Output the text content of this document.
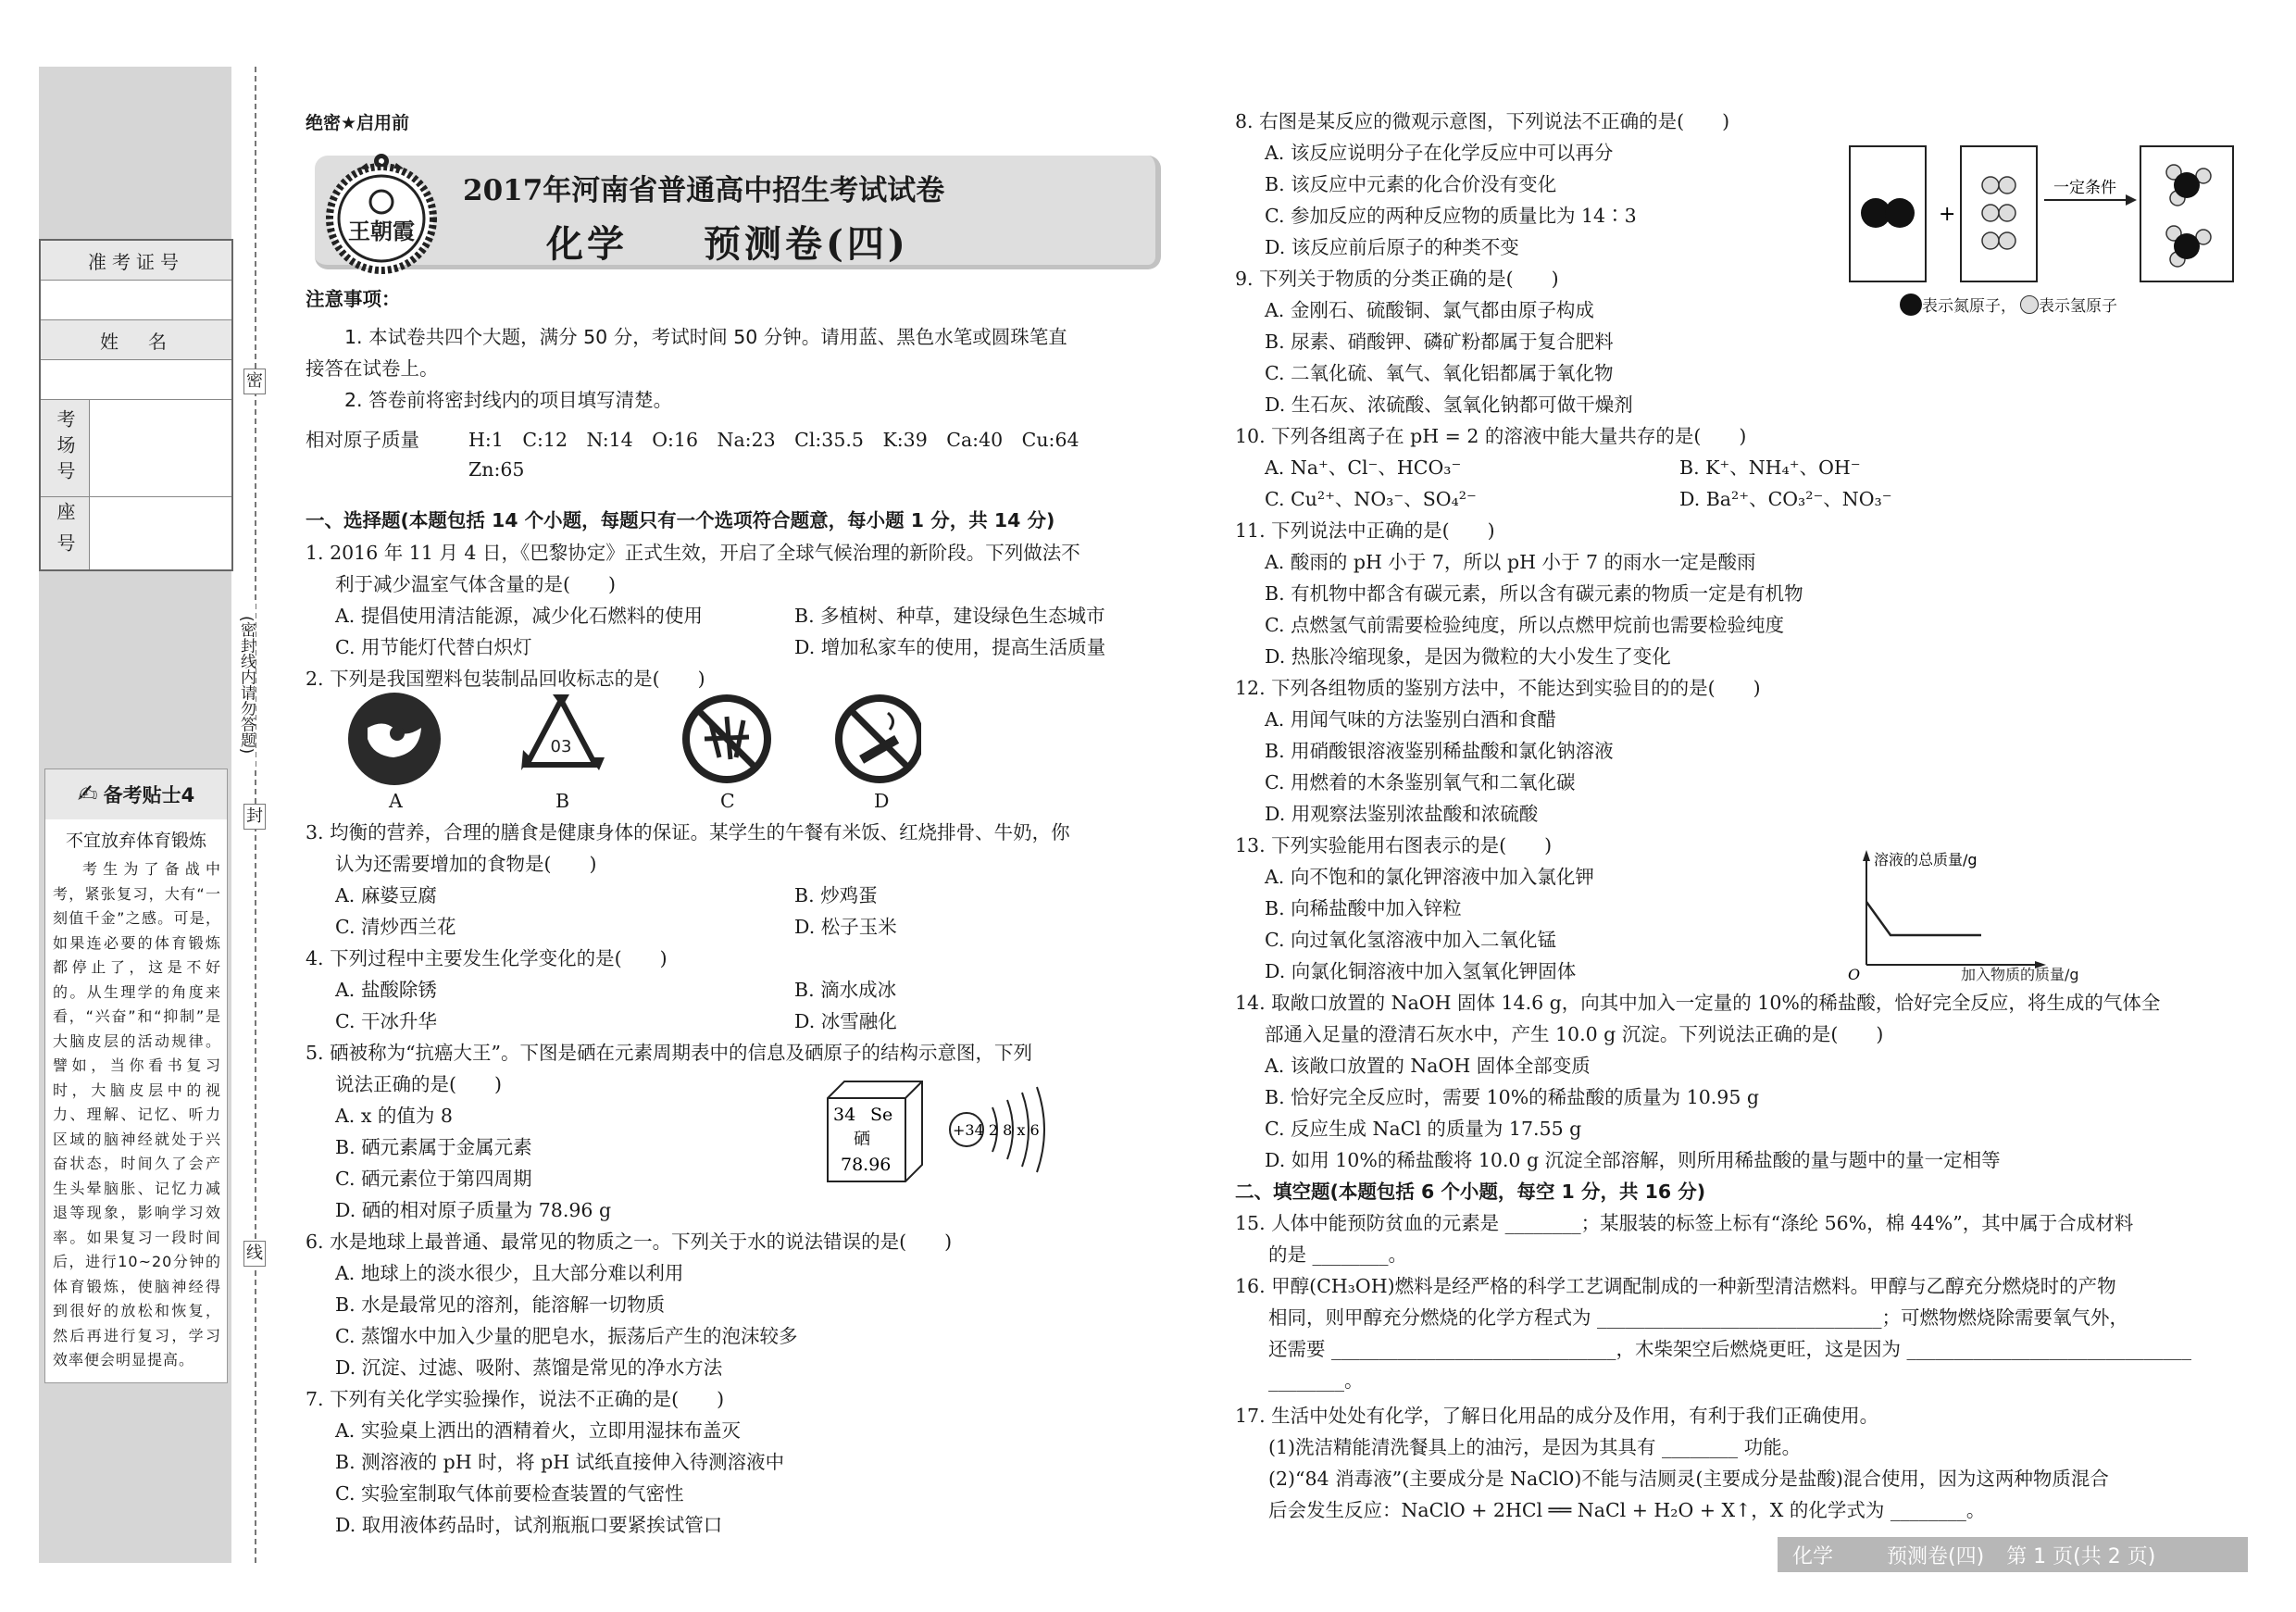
准考证号
姓　名
考场号
座号
密
(密封线内请勿答题)
封
线
✍ 备考贴士4
不宜放弃体育锻炼
考生为了备战中考，紧张复习，大有“一刻值千金”之感。可是，如果连必要的体育锻炼都停止了，这是不好的。从生理学的角度来看，“兴奋”和“抑制”是大脑皮层的活动规律。譬如，当你看书复习时，大脑皮层中的视力、理解、记忆、听力区域的脑神经就处于兴奋状态，时间久了会产生头晕脑胀、记忆力减退等现象，影响学习效率。如果复习一段时间后，进行10~20分钟的体育锻炼，使脑神经得到很好的放松和恢复，然后再进行复习，学习效率便会明显提高。
绝密★启用前
王朝霞
2017年河南省普通高中招生考试试卷
化学 预测卷(四)
注意事项：
1. 本试卷共四个大题，满分 50 分，考试时间 50 分钟。请用蓝、黑色水笔或圆珠笔直
接答在试卷上。
2. 答卷前将密封线内的项目填写清楚。
相对原子质量	H:1　C:12　N:14　O:16　Na:23　Cl:35.5　K:39　Ca:40　Cu:64
Zn:65
一、选择题(本题包括 14 个小题，每题只有一个选项符合题意，每小题 1 分，共 14 分)
1. 2016 年 11 月 4 日，《巴黎协定》正式生效，开启了全球气候治理的新阶段。下列做法不
利于减少温室气体含量的是(　　)
A. 提倡使用清洁能源，减少化石燃料的使用	B. 多植树、种草，建设绿色生态城市
C. 用节能灯代替白炽灯	D. 增加私家车的使用，提高生活质量
2. 下列是我国塑料包装制品回收标志的是(　　)
03
A	B	C	D
3. 均衡的营养，合理的膳食是健康身体的保证。某学生的午餐有米饭、红烧排骨、牛奶，你
认为还需要增加的食物是(　　)
A. 麻婆豆腐	B. 炒鸡蛋
C. 清炒西兰花	D. 松子玉米
4. 下列过程中主要发生化学变化的是(　　)
A. 盐酸除锈	B. 滴水成冰
C. 干冰升华	D. 冰雪融化
5. 硒被称为“抗癌大王”。下图是硒在元素周期表中的信息及硒原子的结构示意图，下列
说法正确的是(　　)
A. x 的值为 8
B. 硒元素属于金属元素
C. 硒元素位于第四周期
D. 硒的相对原子质量为 78.96 g
34 Se
硒
78.96
+34 2 8 x 6
6. 水是地球上最普通、最常见的物质之一。下列关于水的说法错误的是(　　)
A. 地球上的淡水很少，且大部分难以利用
B. 水是最常见的溶剂，能溶解一切物质
C. 蒸馏水中加入少量的肥皂水，振荡后产生的泡沫较多
D. 沉淀、过滤、吸附、蒸馏是常见的净水方法
7. 下列有关化学实验操作，说法不正确的是(　　)
A. 实验桌上洒出的酒精着火，立即用湿抹布盖灭
B. 测溶液的 pH 时，将 pH 试纸直接伸入待测溶液中
C. 实验室制取气体前要检查装置的气密性
D. 取用液体药品时，试剂瓶瓶口要紧挨试管口
8. 右图是某反应的微观示意图，下列说法不正确的是(　　)
A. 该反应说明分子在化学反应中可以再分
B. 该反应中元素的化合价没有变化
C. 参加反应的两种反应物的质量比为 14∶3
D. 该反应前后原子的种类不变
+
一定条件
表示氮原子， 表示氢原子
9. 下列关于物质的分类正确的是(　　)
A. 金刚石、硫酸铜、氯气都由原子构成
B. 尿素、硝酸钾、磷矿粉都属于复合肥料
C. 二氧化硫、氧气、氧化铝都属于氧化物
D. 生石灰、浓硫酸、氢氧化钠都可做干燥剂
10. 下列各组离子在 pH = 2 的溶液中能大量共存的是(　　)
A. Na⁺、Cl⁻、HCO₃⁻	B. K⁺、NH₄⁺、OH⁻
C. Cu²⁺、NO₃⁻、SO₄²⁻	D. Ba²⁺、CO₃²⁻、NO₃⁻
11. 下列说法中正确的是(　　)
A. 酸雨的 pH 小于 7，所以 pH 小于 7 的雨水一定是酸雨
B. 有机物中都含有碳元素，所以含有碳元素的物质一定是有机物
C. 点燃氢气前需要检验纯度，所以点燃甲烷前也需要检验纯度
D. 热胀冷缩现象，是因为微粒的大小发生了变化
12. 下列各组物质的鉴别方法中，不能达到实验目的的是(　　)
A. 用闻气味的方法鉴别白酒和食醋
B. 用硝酸银溶液鉴别稀盐酸和氯化钠溶液
C. 用燃着的木条鉴别氧气和二氧化碳
D. 用观察法鉴别浓盐酸和浓硫酸
13. 下列实验能用右图表示的是(　　)
A. 向不饱和的氯化钾溶液中加入氯化钾
B. 向稀盐酸中加入锌粒
C. 向过氧化氢溶液中加入二氧化锰
D. 向氯化铜溶液中加入氢氧化钾固体
溶液的总质量/g
O	加入物质的质量/g
14. 取敞口放置的 NaOH 固体 14.6 g，向其中加入一定量的 10%的稀盐酸，恰好完全反应，将生成的气体全
部通入足量的澄清石灰水中，产生 10.0 g 沉淀。下列说法正确的是(　　)
A. 该敞口放置的 NaOH 固体全部变质
B. 恰好完全反应时，需要 10%的稀盐酸的质量为 10.95 g
C. 反应生成 NaCl 的质量为 17.55 g
D. 如用 10%的稀盐酸将 10.0 g 沉淀全部溶解，则所用稀盐酸的量与题中的量一定相等
二、填空题(本题包括 6 个小题，每空 1 分，共 16 分)
15. 人体中能预防贫血的元素是 ________；某服装的标签上标有“涤纶 56%，棉 44%”，其中属于合成材料
的是 ________。
16. 甲醇(CH₃OH)燃料是经严格的科学工艺调配制成的一种新型清洁燃料。甲醇与乙醇充分燃烧时的产物
相同，则甲醇充分燃烧的化学方程式为 ______________________________；可燃物燃烧除需要氧气外，
还需要 ______________________________，木柴架空后燃烧更旺，这是因为 ______________________________
________。
17. 生活中处处有化学，了解日化用品的成分及作用，有利于我们正确使用。
(1)洗洁精能清洗餐具上的油污，是因为其具有 ________ 功能。
(2)“84 消毒液”(主要成分是 NaClO)不能与洁厕灵(主要成分是盐酸)混合使用，因为这两种物质混合
后会发生反应：NaClO + 2HCl ══ NaCl + H₂O + X↑，X 的化学式为 ________。
化学	预测卷(四) 第 1 页(共 2 页)
